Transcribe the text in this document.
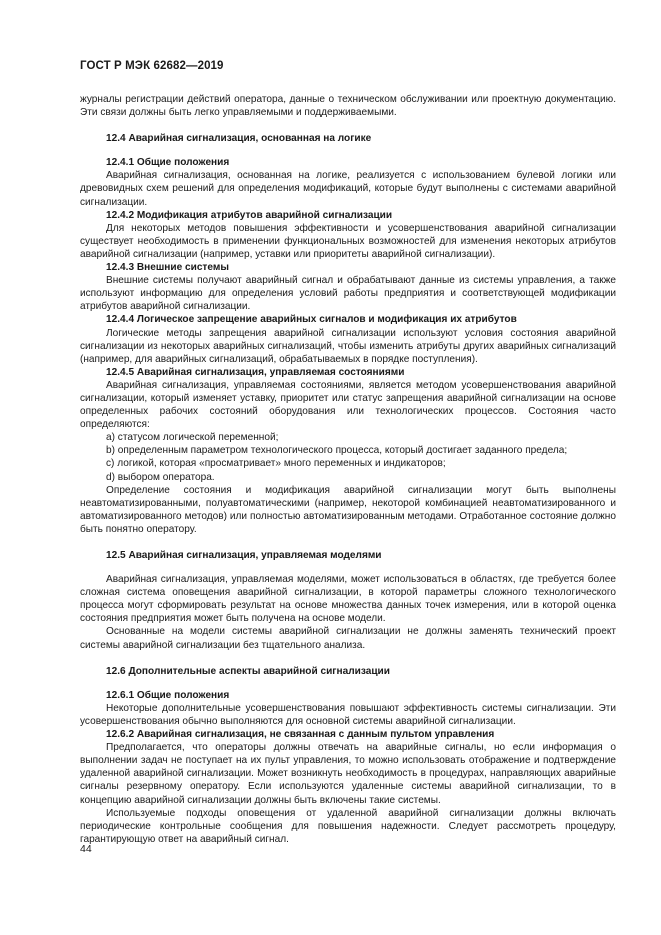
ГОСТ Р МЭК 62682—2019

журналы регистрации действий оператора, данные о техническом обслуживании или проектную документацию. Эти связи должны быть легко управляемыми и поддерживаемыми.

12.4 Аварийная сигнализация, основанная на логике

12.4.1 Общие положения

Аварийная сигнализация, основанная на логике, реализуется с использованием булевой логики или древовидных схем решений для определения модификаций, которые будут выполнены с системами аварийной сигнализации.

12.4.2 Модификация атрибутов аварийной сигнализации

Для некоторых методов повышения эффективности и усовершенствования аварийной сигнализации существует необходимость в применении функциональных возможностей для изменения некоторых атрибутов аварийной сигнализации (например, уставки или приоритеты аварийной сигнализации).

12.4.3 Внешние системы

Внешние системы получают аварийный сигнал и обрабатывают данные из системы управления, а также используют информацию для определения условий работы предприятия и соответствующей модификации атрибутов аварийной сигнализации.

12.4.4 Логическое запрещение аварийных сигналов и модификация их атрибутов

Логические методы запрещения аварийной сигнализации используют условия состояния аварийной сигнализации из некоторых аварийных сигнализаций, чтобы изменить атрибуты других аварийных сигнализаций (например, для аварийных сигнализаций, обрабатываемых в порядке поступления).

12.4.5 Аварийная сигнализация, управляемая состояниями

Аварийная сигнализация, управляемая состояниями, является методом усовершенствования аварийной сигнализации, который изменяет уставку, приоритет или статус запрещения аварийной сигнализации на основе определенных рабочих состояний оборудования или технологических процессов. Состояния часто определяются:

a) статусом логической переменной;

b) определенным параметром технологического процесса, который достигает заданного предела;

c) логикой, которая «просматривает» много переменных и индикаторов;

d) выбором оператора.

Определение состояния и модификация аварийной сигнализации могут быть выполнены неавтоматизированными, полуавтоматическими (например, некоторой комбинацией неавтоматизированного и автоматизированного методов) или полностью автоматизированным методами. Отработанное состояние должно быть понятно оператору.

12.5 Аварийная сигнализация, управляемая моделями

Аварийная сигнализация, управляемая моделями, может использоваться в областях, где требуется более сложная система оповещения аварийной сигнализации, в которой параметры сложного технологического процесса могут сформировать результат на основе множества данных точек измерения, или в которой оценка состояния предприятия может быть получена на основе модели.

Основанные на модели системы аварийной сигнализации не должны заменять технический проект системы аварийной сигнализации без тщательного анализа.

12.6 Дополнительные аспекты аварийной сигнализации

12.6.1 Общие положения

Некоторые дополнительные усовершенствования повышают эффективность системы сигнализации. Эти усовершенствования обычно выполняются для основной системы аварийной сигнализации.

12.6.2 Аварийная сигнализация, не связанная с данным пультом управления

Предполагается, что операторы должны отвечать на аварийные сигналы, но если информация о выполнении задач не поступает на их пульт управления, то можно использовать отображение и подтверждение удаленной аварийной сигнализации. Может возникнуть необходимость в процедурах, направляющих аварийные сигналы резервному оператору. Если используются удаленные системы аварийной сигнализации, то в концепцию аварийной сигнализации должны быть включены такие системы.

Используемые подходы оповещения от удаленной аварийной сигнализации должны включать периодические контрольные сообщения для повышения надежности. Следует рассмотреть процедуру, гарантирующую ответ на аварийный сигнал.

44
